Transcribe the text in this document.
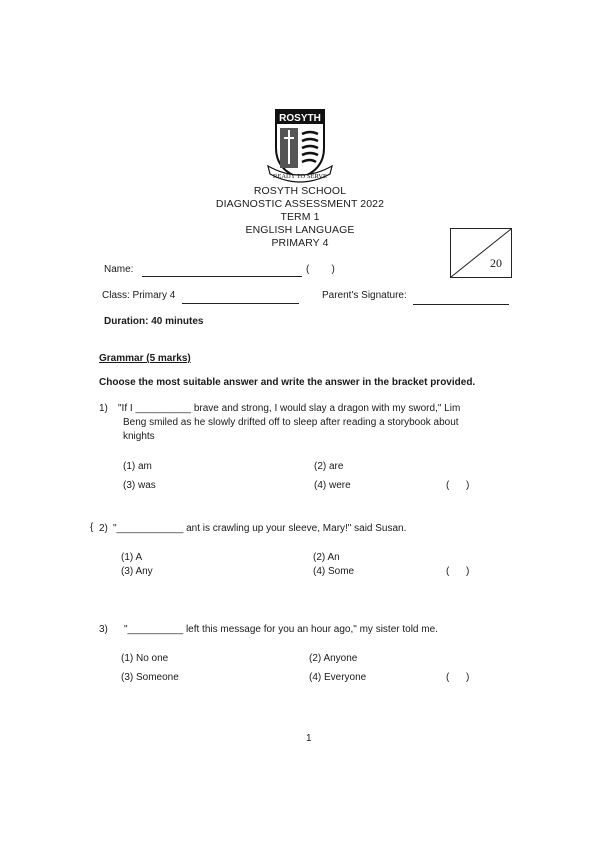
ROSYTH
READY TO SERVE
ROSYTH SCHOOL
DIAGNOSTIC ASSESSMENT 2022
TERM 1
ENGLISH LANGUAGE
PRIMARY 4
20
Name:	(        )
Class: Primary 4	Parent's Signature:
Duration: 40 minutes
Grammar (5 marks)
Choose the most suitable answer and write the answer in the bracket provided.
1) "If I __________ brave and strong, I would slay a dragon with my sword," Lim
Beng smiled as he slowly drifted off to sleep after reading a storybook about
knights
(1) am	(2) are
(3) was	(4) were	(      )
{ 2) "____________ ant is crawling up your sleeve, Mary!" said Susan.
(1) A	(2) An
(3) Any	(4) Some	(      )
3) "__________ left this message for you an hour ago," my sister told me.
(1) No one	(2) Anyone
(3) Someone	(4) Everyone	(      )
1
